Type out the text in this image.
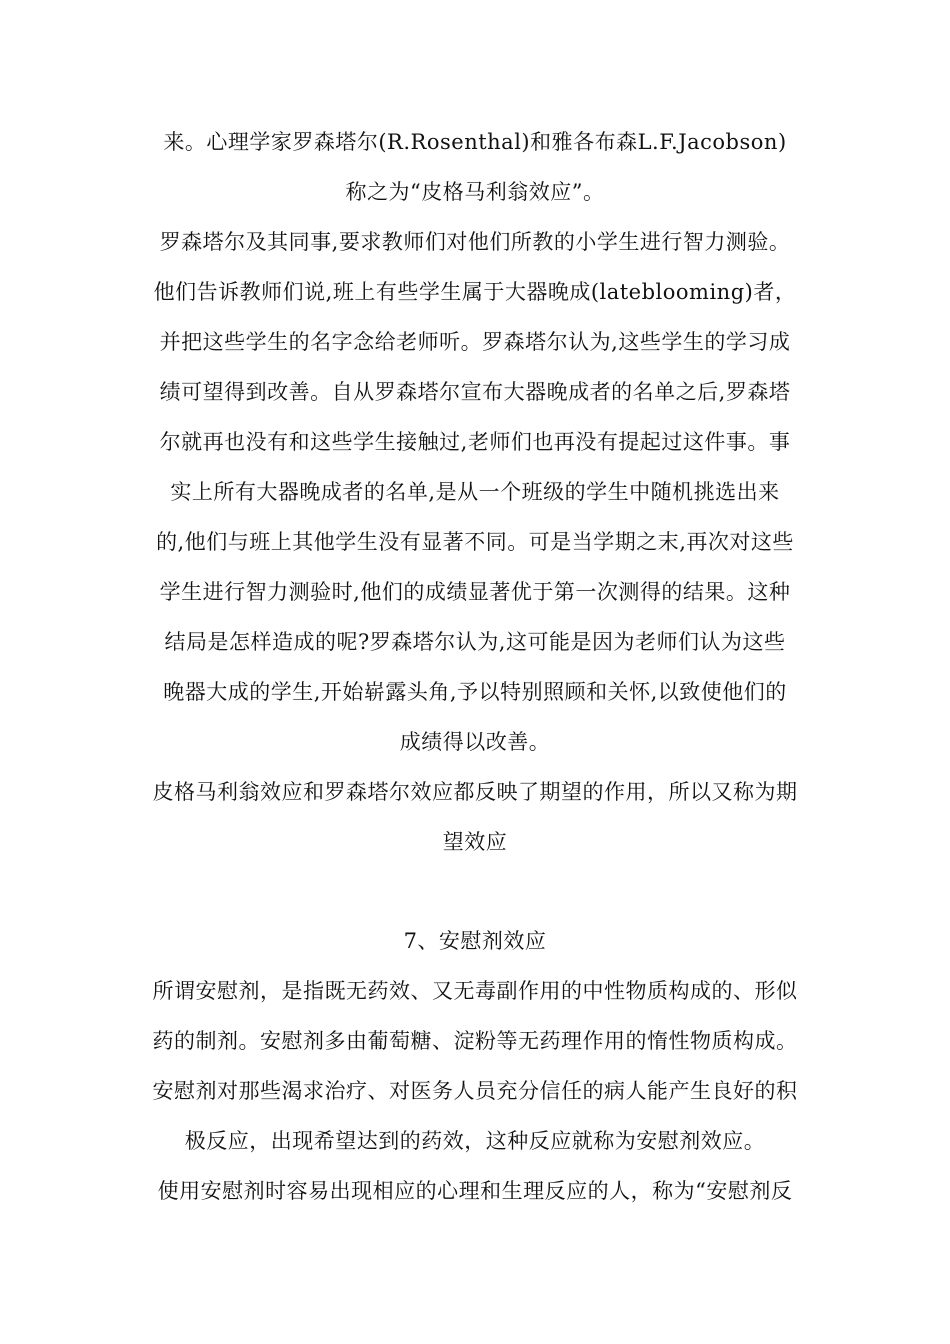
来。心理学家罗森塔尔(R.Rosenthal)和雅各布森L.F.Jacobson)
称之为“皮格马利翁效应”。
罗森塔尔及其同事,要求教师们对他们所教的小学生进行智力测验。
他们告诉教师们说,班上有些学生属于大器晚成(lateblooming)者，
并把这些学生的名字念给老师听。罗森塔尔认为,这些学生的学习成
绩可望得到改善。自从罗森塔尔宣布大器晚成者的名单之后,罗森塔
尔就再也没有和这些学生接触过,老师们也再没有提起过这件事。事
实上所有大器晚成者的名单,是从一个班级的学生中随机挑选出来
的,他们与班上其他学生没有显著不同。可是当学期之末,再次对这些
学生进行智力测验时,他们的成绩显著优于第一次测得的结果。这种
结局是怎样造成的呢?罗森塔尔认为,这可能是因为老师们认为这些
晚器大成的学生,开始崭露头角,予以特别照顾和关怀,以致使他们的
成绩得以改善。
皮格马利翁效应和罗森塔尔效应都反映了期望的作用，所以又称为期
望效应
7、安慰剂效应
所谓安慰剂，是指既无药效、又无毒副作用的中性物质构成的、形似
药的制剂。安慰剂多由葡萄糖、淀粉等无药理作用的惰性物质构成。
安慰剂对那些渴求治疗、对医务人员充分信任的病人能产生良好的积
极反应，出现希望达到的药效，这种反应就称为安慰剂效应。
使用安慰剂时容易出现相应的心理和生理反应的人，称为“安慰剂反
